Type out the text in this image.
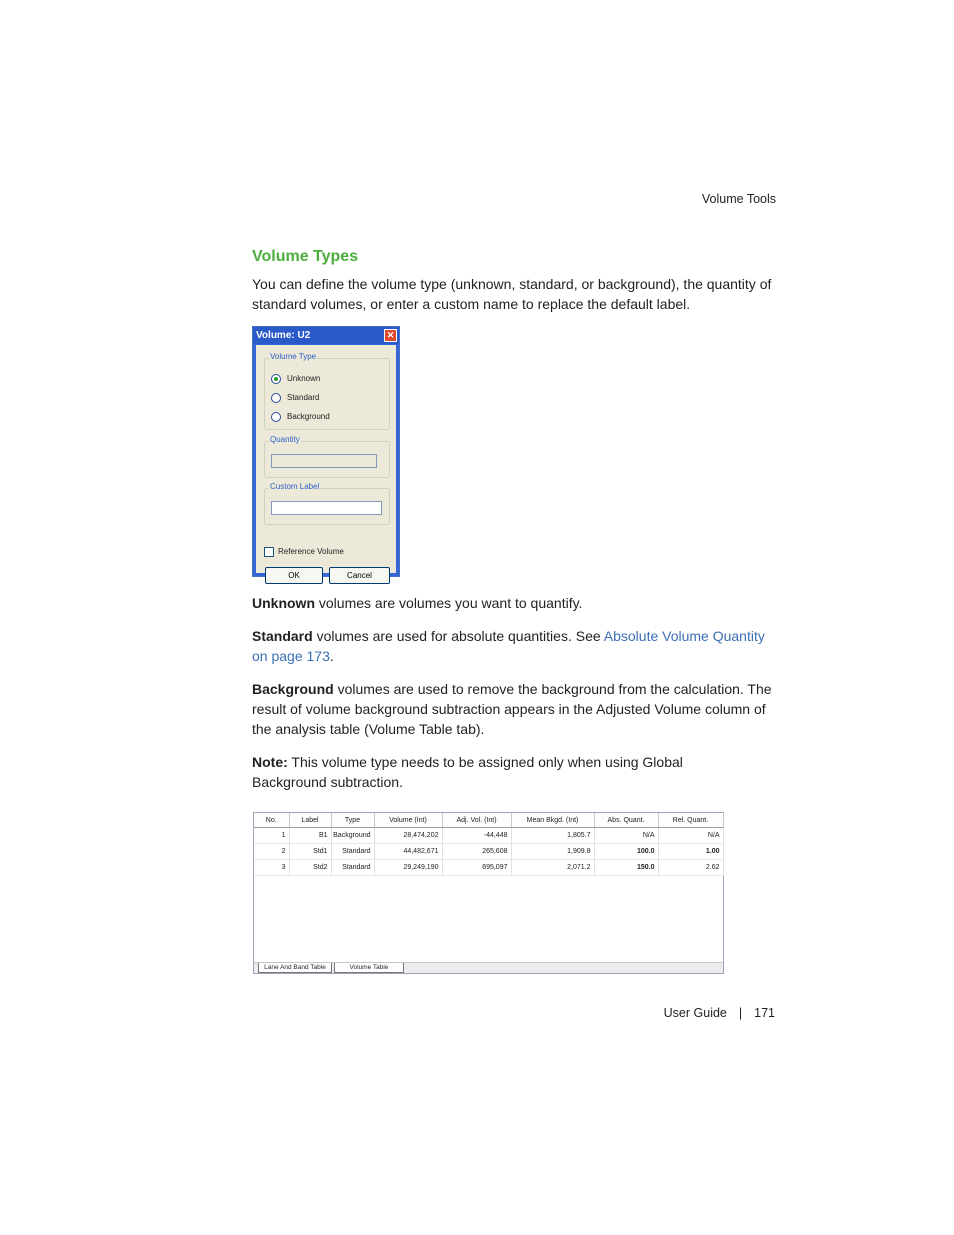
Volume Tools
Volume Types
You can define the volume type (unknown, standard, or background), the quantity of standard volumes, or enter a custom name to replace the default label.
Volume: U2	✕
Volume Type
Unknown
Standard
Background
Quantity
Custom Label
Reference Volume
OK	Cancel
Unknown volumes are volumes you want to quantify.
Standard volumes are used for absolute quantities. See Absolute Volume Quantity on page 173.
Background volumes are used to remove the background from the calculation. The result of volume background subtraction appears in the Adjusted Volume column of the analysis table (Volume Table tab).
Note: This volume type needs to be assigned only when using Global Background subtraction.
No.	Label	Type	Volume (Int)	Adj. Vol. (Int)	Mean Bkgd. (Int)	Abs. Quant.	Rel. Quant.
1	B1	Background	28,474,202	-44,448	1,805.7	N/A	N/A
2	Std1	Standard	44,482,671	265,608	1,909.8	100.0	1.00
3	Std2	Standard	29,249,190	695,097	2,071.2	150.0	2.62
Lane And Band Table	Volume Table
User Guide | 171
